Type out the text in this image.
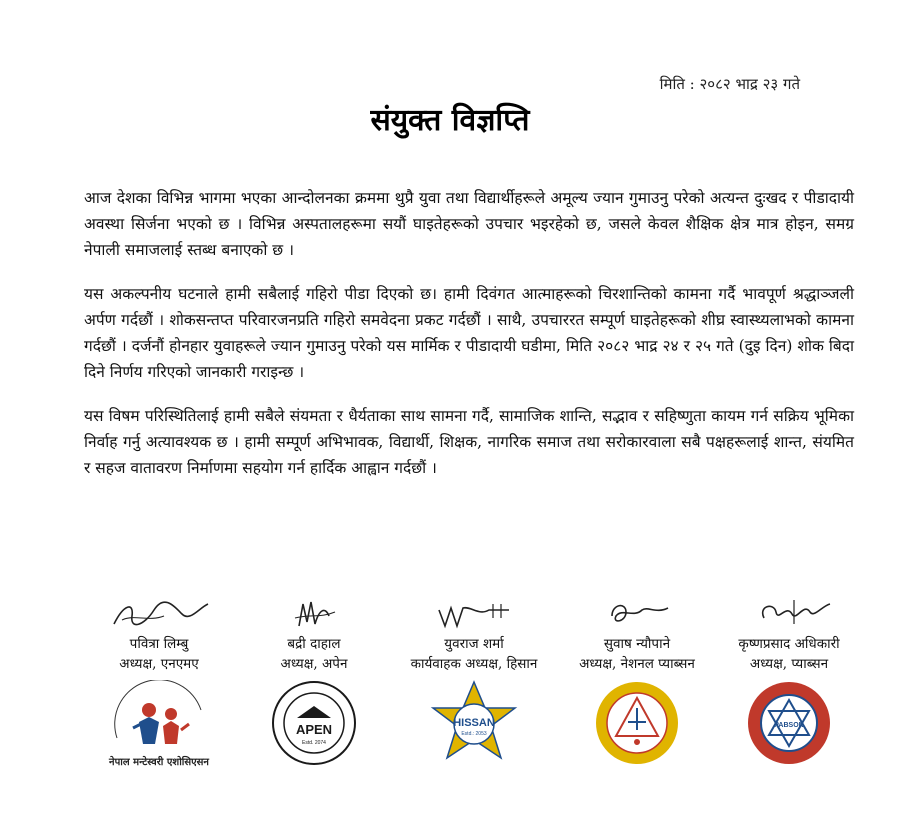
मिति : २०८२ भाद्र २३ गते
संयुक्त विज्ञप्ति

आज देशका विभिन्न भागमा भएका आन्दोलनका क्रममा थुप्रै युवा तथा विद्यार्थीहरूले अमूल्य ज्यान गुमाउनु परेको अत्यन्त दुःखद र पीडादायी अवस्था सिर्जना भएको छ । विभिन्न अस्पतालहरूमा सयौं घाइतेहरूको उपचार भइरहेको छ, जसले केवल शैक्षिक क्षेत्र मात्र होइन, समग्र नेपाली समाजलाई स्तब्ध बनाएको छ ।

यस अकल्पनीय घटनाले हामी सबैलाई गहिरो पीडा दिएको छ। हामी दिवंगत आत्माहरूको चिरशान्तिको कामना गर्दै भावपूर्ण श्रद्धाञ्जली अर्पण गर्दछौं । शोकसन्तप्त परिवारजनप्रति गहिरो समवेदना प्रकट गर्दछौं । साथै, उपचाररत सम्पूर्ण घाइतेहरूको शीघ्र स्वास्थ्यलाभको कामना गर्दछौं । दर्जनौं होनहार युवाहरूले ज्यान गुमाउनु परेको यस मार्मिक र पीडादायी घडीमा, मिति २०८२ भाद्र २४ र २५ गते (दुइ दिन) शोक बिदा दिने निर्णय गरिएको जानकारी गराइन्छ ।

यस विषम परिस्थितिलाई हामी सबैले संयमता र धैर्यताका साथ सामना गर्दै, सामाजिक शान्ति, सद्भाव र सहिष्णुता कायम गर्न सक्रिय भूमिका निर्वाह गर्नु अत्यावश्यक छ । हामी सम्पूर्ण अभिभावक, विद्यार्थी, शिक्षक, नागरिक समाज तथा सरोकारवाला सबै पक्षहरूलाई शान्त, संयमित र सहज वातावरण निर्माणमा सहयोग गर्न हार्दिक आह्वान गर्दछौं ।

पवित्रा लिम्बु
अध्यक्ष, एनएमए
नेपाल मन्टेस्वरी एशोसिएसन
बद्री दाहाल
अध्यक्ष, अपेन
APEN
Estd. 2074
युवराज शर्मा
कार्यवाहक अध्यक्ष, हिसान
HISSAN
Estd.: 2053
सुवाष न्यौपाने
अध्यक्ष, नेशनल प्याब्सन
कृष्णप्रसाद अधिकारी
अध्यक्ष, प्याब्सन
PABSON
